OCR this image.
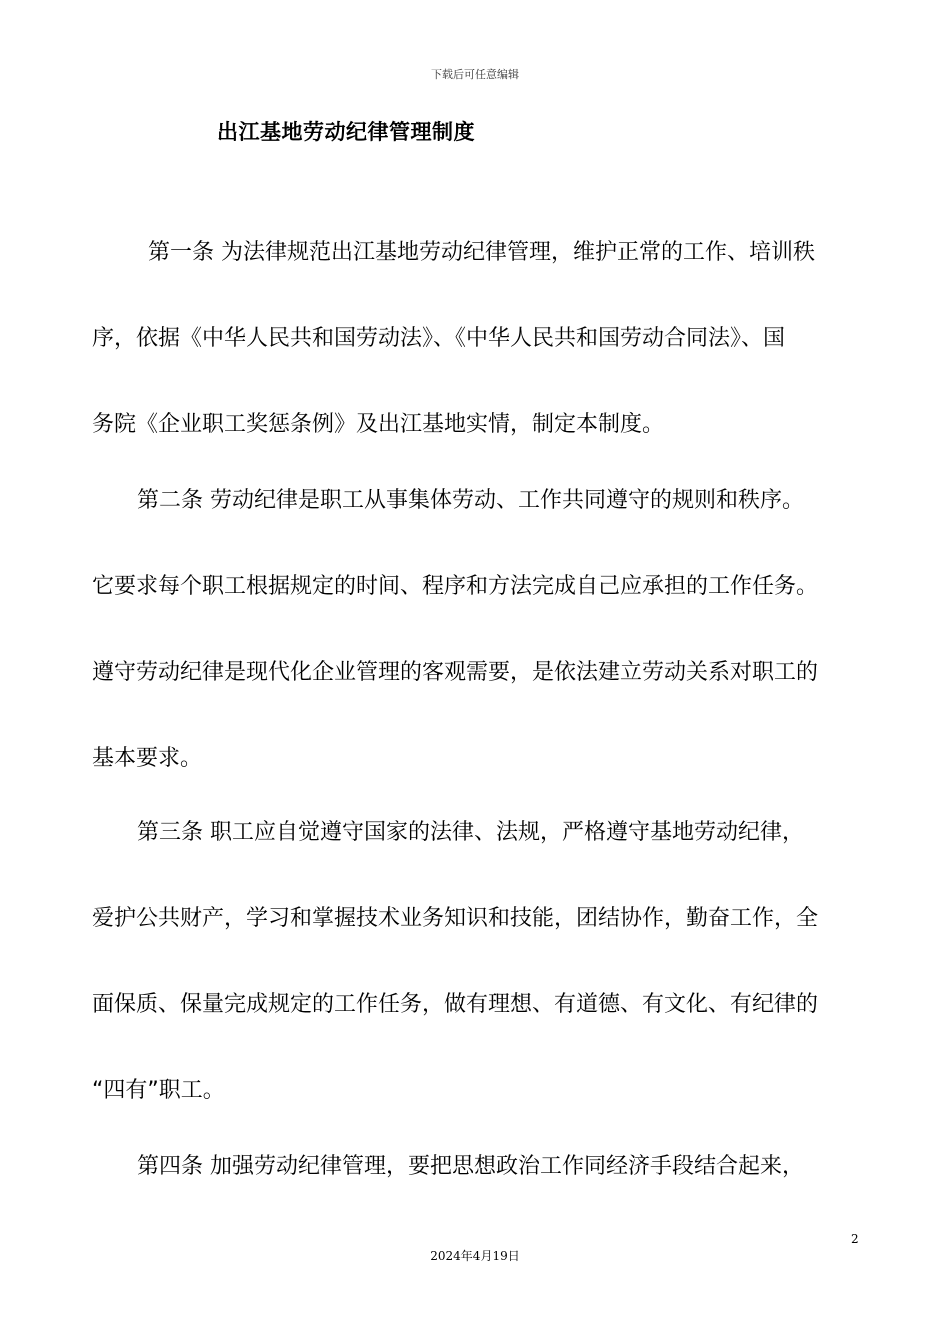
下载后可任意编辑
出江基地劳动纪律管理制度
第一条 为法律规范出江基地劳动纪律管理，维护正常的工作、培训秩
序，依据《中华人民共和国劳动法》、《中华人民共和国劳动合同法》、国
务院《企业职工奖惩条例》及出江基地实情，制定本制度。
第二条 劳动纪律是职工从事集体劳动、工作共同遵守的规则和秩序。
它要求每个职工根据规定的时间、程序和方法完成自己应承担的工作任务。
遵守劳动纪律是现代化企业管理的客观需要，是依法建立劳动关系对职工的
基本要求。
第三条 职工应自觉遵守国家的法律、法规，严格遵守基地劳动纪律，
爱护公共财产，学习和掌握技术业务知识和技能，团结协作，勤奋工作，全
面保质、保量完成规定的工作任务，做有理想、有道德、有文化、有纪律的
“四有”职工。
第四条 加强劳动纪律管理，要把思想政治工作同经济手段结合起来，
2
2024年4月19日
